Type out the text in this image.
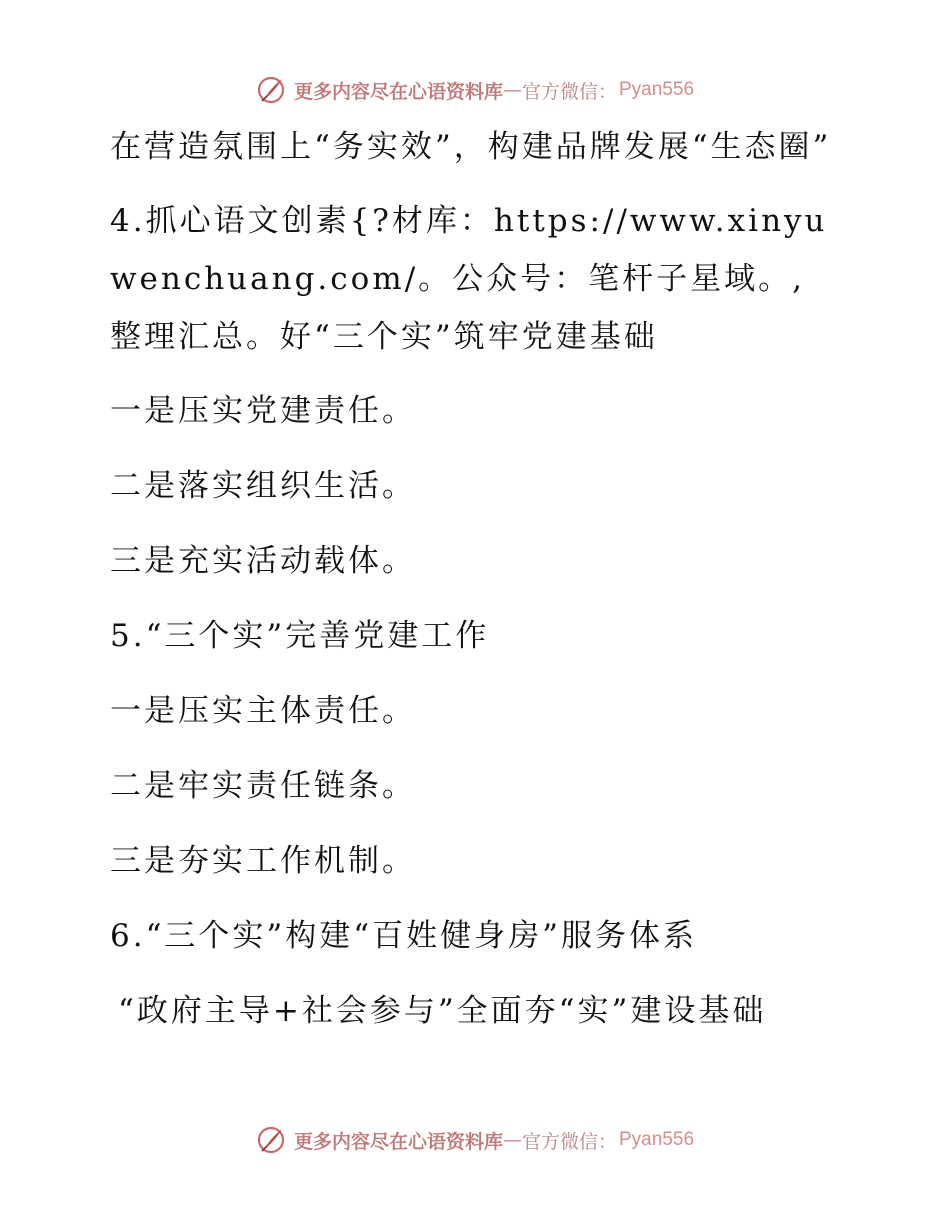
更多内容尽在心语资料库 — 官方微信： Pyan556

在营造氛围上“务实效”，构建品牌发展“生态圈”

4.抓心语文创素{?材库：https://www.xinyuwenchuang.com/。公众号：笔杆子星域。,整理汇总。好“三个实”筑牢党建基础

一是压实党建责任。

二是落实组织生活。

三是充实活动载体。

5.“三个实”完善党建工作

一是压实主体责任。

二是牢实责任链条。

三是夯实工作机制。

6.“三个实”构建“百姓健身房”服务体系

“政府主导+社会参与”全面夯“实”建设基础

更多内容尽在心语资料库 — 官方微信： Pyan556
